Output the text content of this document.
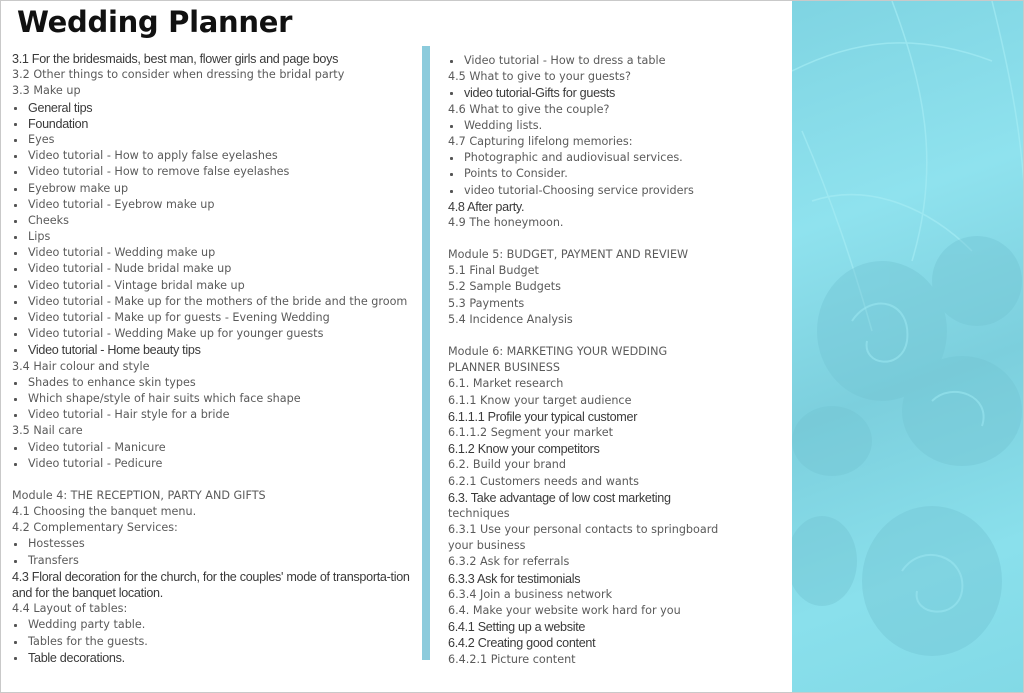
Wedding Planner
3.1 For the bridesmaids, best man, flower girls and page boys
3.2 Other things to consider when dressing the bridal party
3.3 Make up
General tips
Foundation
Eyes
Video tutorial - How to apply false eyelashes
Video tutorial - How to remove false eyelashes
Eyebrow make up
Video tutorial - Eyebrow make up
Cheeks
Lips
Video tutorial - Wedding make up
Video tutorial - Nude bridal make up
Video tutorial - Vintage bridal make up
Video tutorial - Make up for the mothers of the bride and the groom
Video tutorial - Make up for guests - Evening Wedding
Video tutorial - Wedding Make up for younger guests
Video tutorial - Home beauty tips
3.4 Hair colour and style
Shades to enhance skin types
Which shape/style of hair suits which face shape
Video tutorial - Hair style for a bride
3.5 Nail care
Video tutorial - Manicure
Video tutorial - Pedicure
Module 4: THE RECEPTION, PARTY AND GIFTS
4.1 Choosing the banquet menu.
4.2 Complementary Services:
Hostesses
Transfers
4.3 Floral decoration for the church, for the couples' mode of transporta-tion and for the banquet location.
4.4 Layout of tables:
Wedding party table.
Tables for the guests.
Table decorations.
Video tutorial - How to dress a table
4.5 What to give to your guests?
video tutorial-Gifts for guests
4.6 What to give the couple?
Wedding lists.
4.7 Capturing lifelong memories:
Photographic and audiovisual services.
Points to Consider.
video tutorial-Choosing service providers
4.8 After party.
4.9 The honeymoon.
Module 5: BUDGET, PAYMENT AND REVIEW
5.1 Final Budget
5.2 Sample Budgets
5.3 Payments
5.4 Incidence Analysis
Module 6: MARKETING YOUR WEDDING
PLANNER BUSINESS
6.1. Market research
6.1.1 Know your target audience
6.1.1.1 Profile your typical customer
6.1.1.2 Segment your market
6.1.2 Know your competitors
6.2. Build your brand
6.2.1 Customers needs and wants
6.3. Take advantage of low cost marketing
techniques
6.3.1 Use your personal contacts to springboard
your business
6.3.2 Ask for referrals
6.3.3 Ask for testimonials
6.3.4 Join a business network
6.4. Make your website work hard for you
6.4.1 Setting up a website
6.4.2 Creating good content
6.4.2.1 Picture content
